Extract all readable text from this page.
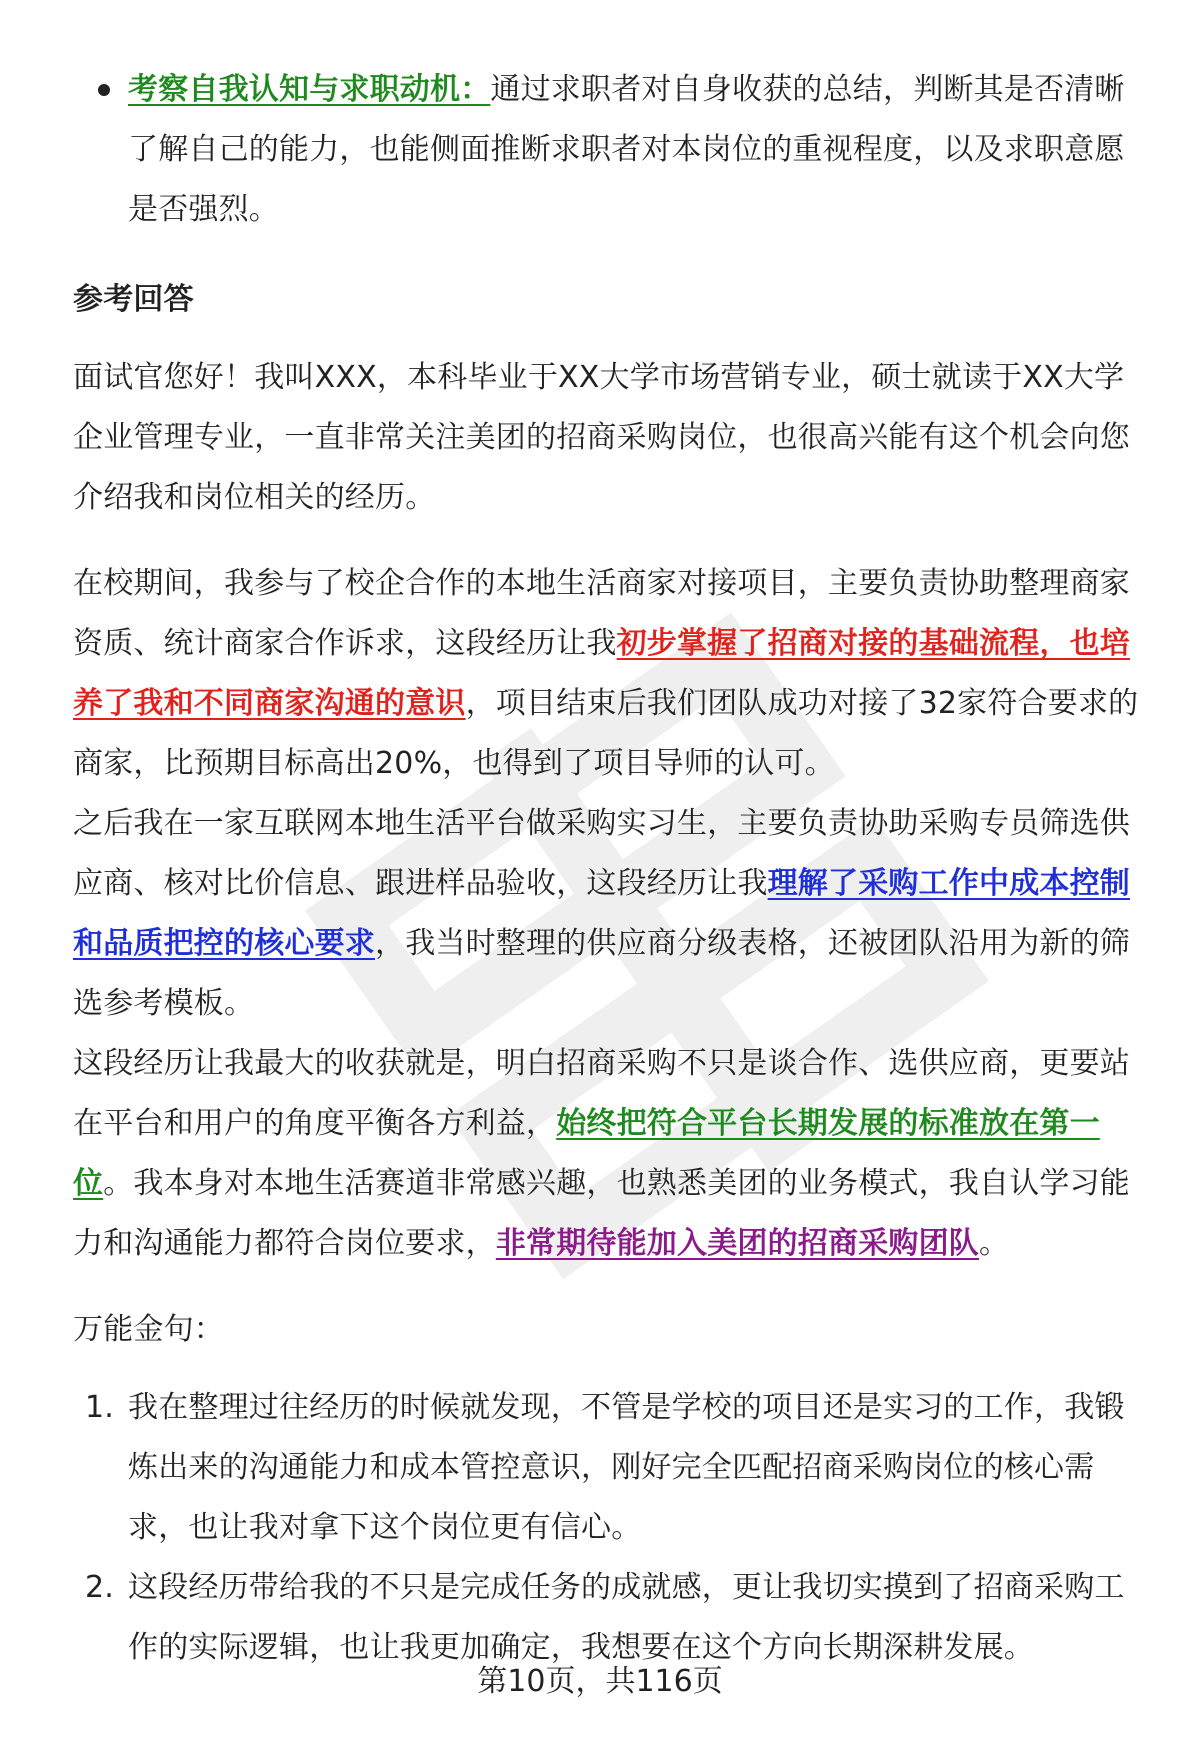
考察自我认知与求职动机：通过求职者对自身收获的总结，判断其是否清晰了解自己的能力，也能侧面推断求职者对本岗位的重视程度，以及求职意愿是否强烈。

参考回答

面试官您好！我叫XXX，本科毕业于XX大学市场营销专业，硕士就读于XX大学企业管理专业，一直非常关注美团的招商采购岗位，也很高兴能有这个机会向您介绍我和岗位相关的经历。

在校期间，我参与了校企合作的本地生活商家对接项目，主要负责协助整理商家资质、统计商家合作诉求，这段经历让我初步掌握了招商对接的基础流程，也培养了我和不同商家沟通的意识，项目结束后我们团队成功对接了32家符合要求的商家，比预期目标高出20%，也得到了项目导师的认可。

之后我在一家互联网本地生活平台做采购实习生，主要负责协助采购专员筛选供应商、核对比价信息、跟进样品验收，这段经历让我理解了采购工作中成本控制和品质把控的核心要求，我当时整理的供应商分级表格，还被团队沿用为新的筛选参考模板。

这段经历让我最大的收获就是，明白招商采购不只是谈合作、选供应商，更要站在平台和用户的角度平衡各方利益，始终把符合平台长期发展的标准放在第一位。我本身对本地生活赛道非常感兴趣，也熟悉美团的业务模式，我自认学习能力和沟通能力都符合岗位要求，非常期待能加入美团的招商采购团队。

万能金句：

1. 我在整理过往经历的时候就发现，不管是学校的项目还是实习的工作，我锻炼出来的沟通能力和成本管控意识，刚好完全匹配招商采购岗位的核心需求，也让我对拿下这个岗位更有信心。
2. 这段经历带给我的不只是完成任务的成就感，更让我切实摸到了招商采购工作的实际逻辑，也让我更加确定，我想要在这个方向长期深耕发展。
第10页，共116页
